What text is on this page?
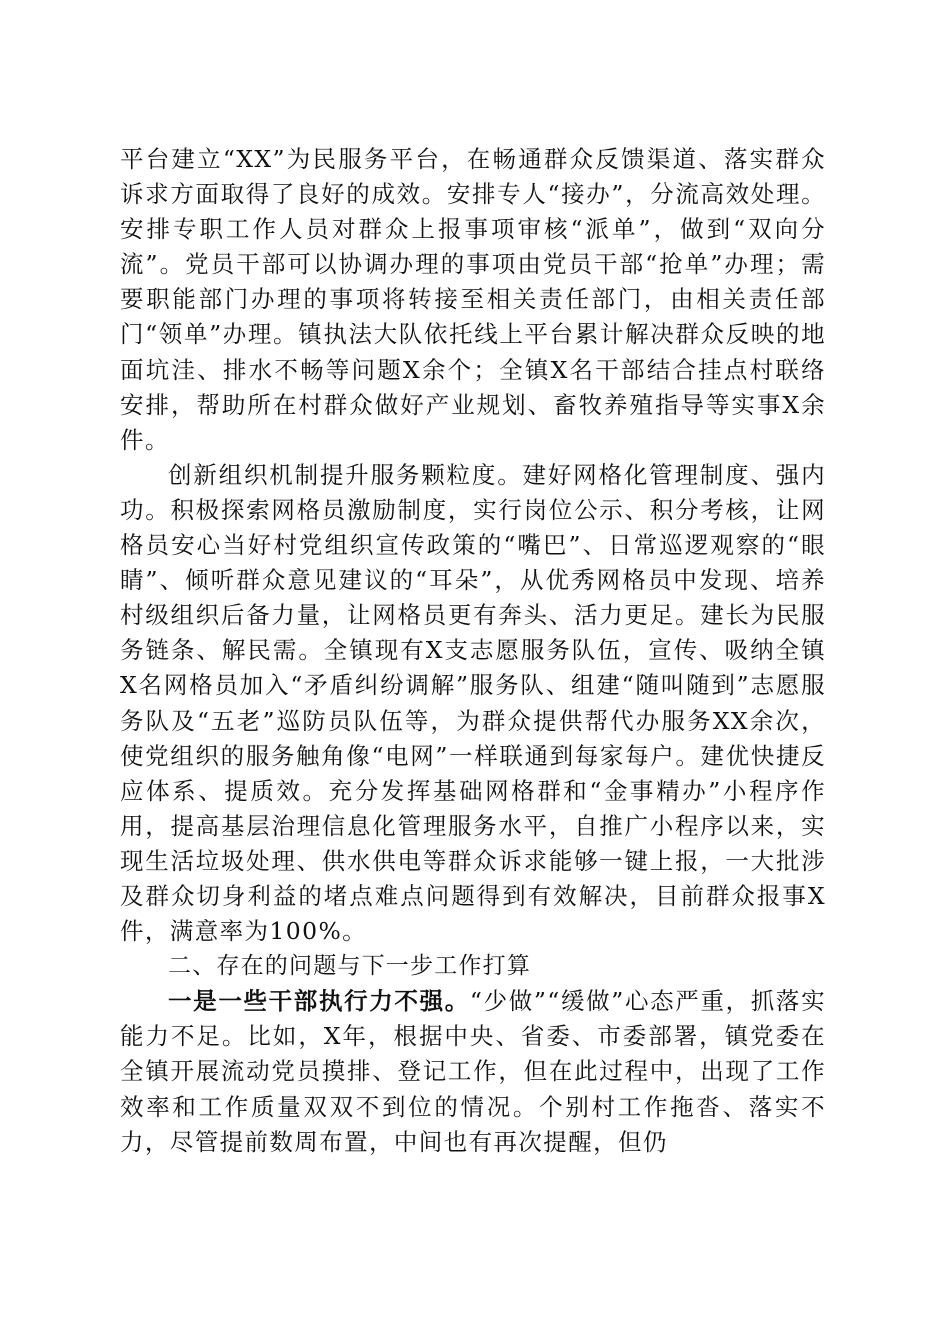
平台建立“XX”为民服务平台，在畅通群众反馈渠道、落实群众诉求方面取得了良好的成效。安排专人“接办”，分流高效处理。安排专职工作人员对群众上报事项审核“派单”，做到“双向分流”。党员干部可以协调办理的事项由党员干部“抢单”办理；需要职能部门办理的事项将转接至相关责任部门，由相关责任部门“领单”办理。镇执法大队依托线上平台累计解决群众反映的地面坑洼、排水不畅等问题X余个；全镇X名干部结合挂点村联络安排，帮助所在村群众做好产业规划、畜牧养殖指导等实事X余件。

创新组织机制提升服务颗粒度。建好网格化管理制度、强内功。积极探索网格员激励制度，实行岗位公示、积分考核，让网格员安心当好村党组织宣传政策的“嘴巴”、日常巡逻观察的“眼睛”、倾听群众意见建议的“耳朵”，从优秀网格员中发现、培养村级组织后备力量，让网格员更有奔头、活力更足。建长为民服务链条、解民需。全镇现有X支志愿服务队伍，宣传、吸纳全镇X名网格员加入“矛盾纠纷调解”服务队、组建“随叫随到”志愿服务队及“五老”巡防员队伍等，为群众提供帮代办服务XX余次，使党组织的服务触角像“电网”一样联通到每家每户。建优快捷反应体系、提质效。充分发挥基础网格群和“金事精办”小程序作用，提高基层治理信息化管理服务水平，自推广小程序以来，实现生活垃圾处理、供水供电等群众诉求能够一键上报，一大批涉及群众切身利益的堵点难点问题得到有效解决，目前群众报事X件，满意率为100%。

二、存在的问题与下一步工作打算

一是一些干部执行力不强。“少做”“缓做”心态严重，抓落实能力不足。比如，X年，根据中央、省委、市委部署，镇党委在全镇开展流动党员摸排、登记工作，但在此过程中，出现了工作效率和工作质量双双不到位的情况。个别村工作拖沓、落实不力，尽管提前数周布置，中间也有再次提醒，但仍
